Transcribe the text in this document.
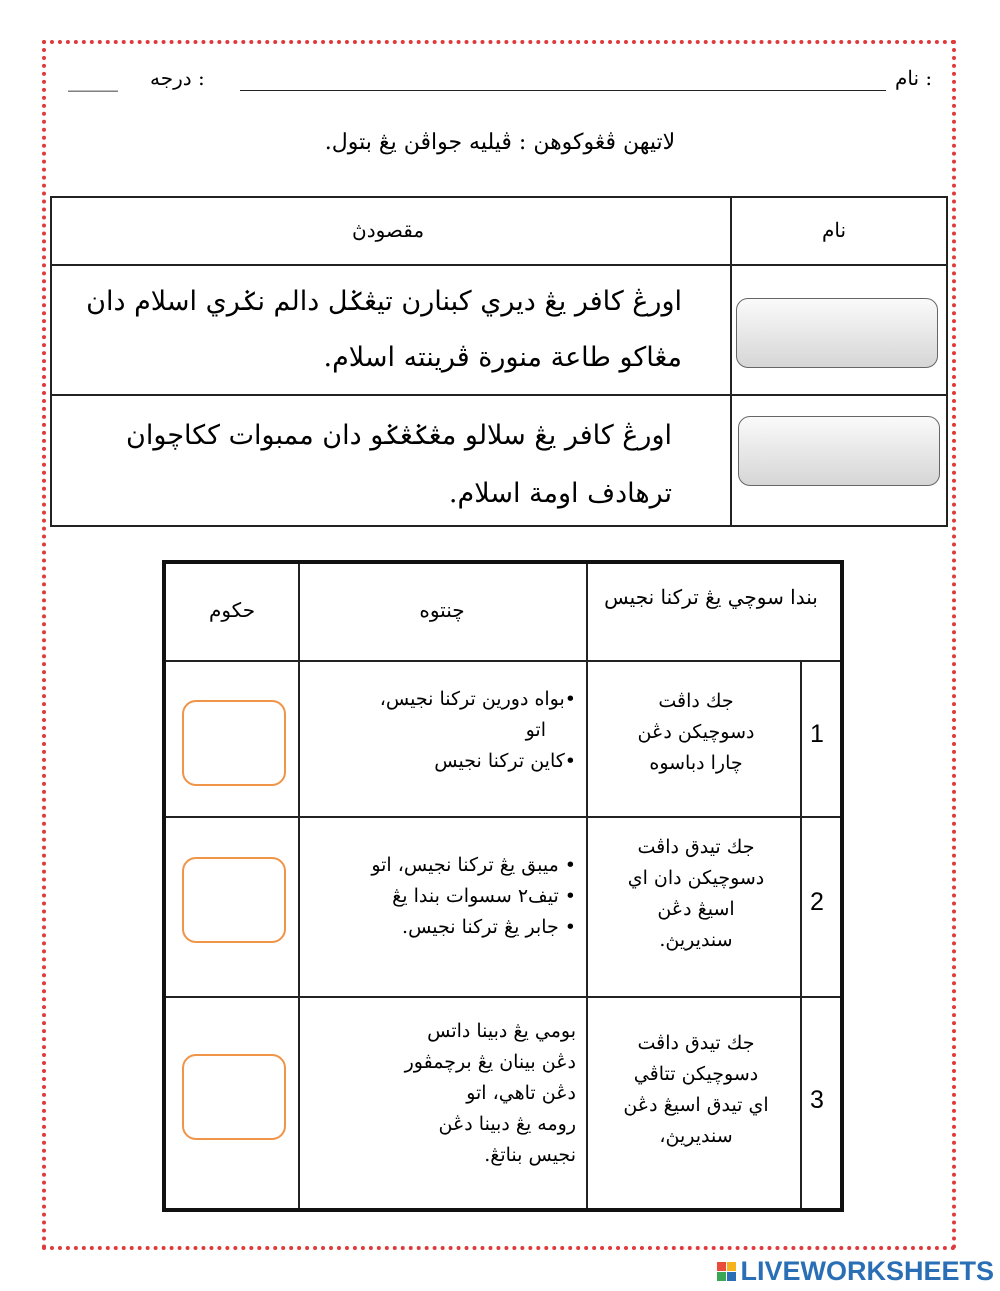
نام :
درجه :
_____
لاتيهن ڤڠوكوهن : ڤيليه جواڤن يڠ بتول.
نام
مقصودڽ
اورڠ كافر يڠ ديري كبنارن تيڠݢل دالم نݢري اسلام دان
مڠاكو طاعة منورة ڤرينته اسلام.
اورڠ كافر يڠ سلالو مڠݢڠݢو دان ممبوات ككاچوان
ترهادف اومة اسلام.
حكوم	چنتوه
بندا سوچي يڠ تركنا نجيس
1
جك داڤت
دسوچيكن دڠن
چارا دباسوه
•بواه دورين تركنا نجيس،
اتو
•كاين تركنا نجيس
2
جك تيدق داڤت
دسوچيكن دان اي
اسيڠ دڠن
سنديريڽ.
• ميبق يڠ تركنا نجيس، اتو
• تيف٢ سسوات بندا يڠ
• جابر يڠ تركنا نجيس.
3
جك تيدق داڤت
دسوچيكن تتاڤي
اي تيدق اسيڠ دڠن
سنديريڽ،
بومي يڠ دبينا داتس
دڠن بينان يڠ برچمڤور
دڠن تاهي، اتو
رومه يڠ دبينا دڠن
نجيس بناتڠ.
LIVEWORKSHEETS
